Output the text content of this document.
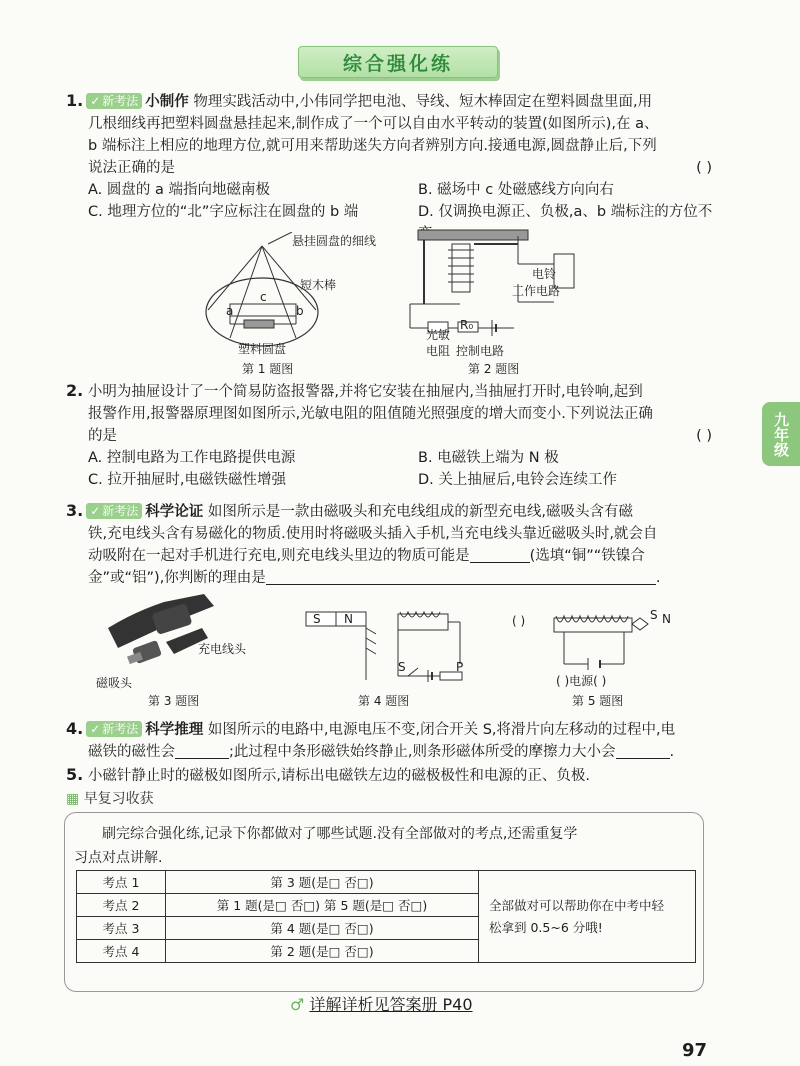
综合强化练
九年级
1. ✓ 新考法 小制作 物理实践活动中,小伟同学把电池、导线、短木棒固定在塑料圆盘里面,用
几根细线再把塑料圆盘悬挂起来,制作成了一个可以自由水平转动的装置(如图所示),在 a、
b 端标注上相应的地理方位,就可用来帮助迷失方向者辨别方向.接通电源,圆盘静止后,下列
说法正确的是	( )
A. 圆盘的 a 端指向地磁南极	B. 磁场中 c 处磁感线方向向右
C. 地理方位的“北”字应标注在圆盘的 b 端	D. 仅调换电源正、负极,a、b 端标注的方位不
悬挂圆盘的细线
短木棒
a	b
c
塑料圆盘
第 1 题图
电铃
工作电路
光敏
R₀
电阻 控制电路
第 2 题图
2. 小明为抽屉设计了一个简易防盗报警器,并将它安装在抽屉内,当抽屉打开时,电铃响,起到
报警作用,报警器原理图如图所示,光敏电阻的阻值随光照强度的增大而变小.下列说法正确
的是	( )
A. 控制电路为工作电路提供电源	B. 电磁铁上端为 N 极
C. 拉开抽屉时,电磁铁磁性增强	D. 关上抽屉后,电铃会连续工作
3. ✓ 新考法 科学论证 如图所示是一款由磁吸头和充电线组成的新型充电线,磁吸头含有磁
铁,充电线头含有易磁化的物质.使用时将磁吸头插入手机,当充电线头靠近磁吸头时,就会自
动吸附在一起对手机进行充电,则充电线头里边的物质可能是	(选填“铜”“铁镍合
金”或“铝”),你判断的理由是	.
充电线头
磁吸头
第 3 题图
S N
S	P
第 4 题图
( )	S N
( )电源( )
第 5 题图
4. ✓ 新考法 科学推理 如图所示的电路中,电源电压不变,闭合开关 S,将滑片向左移动的过程中,电
磁铁的磁性会	;此过程中条形磁铁始终静止,则条形磁体所受的摩擦力大小会	.
5. 小磁针静止时的磁极如图所示,请标出电磁铁左边的磁极极性和电源的正、负极.
▦ 早复习收获
刷完综合强化练,记录下你都做对了哪些试题.没有全部做对的考点,还需重复学
习点对点讲解.
考点 1	第 3 题(是□ 否□)	全部做对可以帮助你在中考中轻
松拿到 0.5~6 分哦!

考点 2	第 1 题(是□ 否□) 第 5 题(是□ 否□)	
考点 3	第 4 题(是□ 否□)	
考点 4	第 2 题(是□ 否□)	
♂ 详解详析见答案册 P40
97
